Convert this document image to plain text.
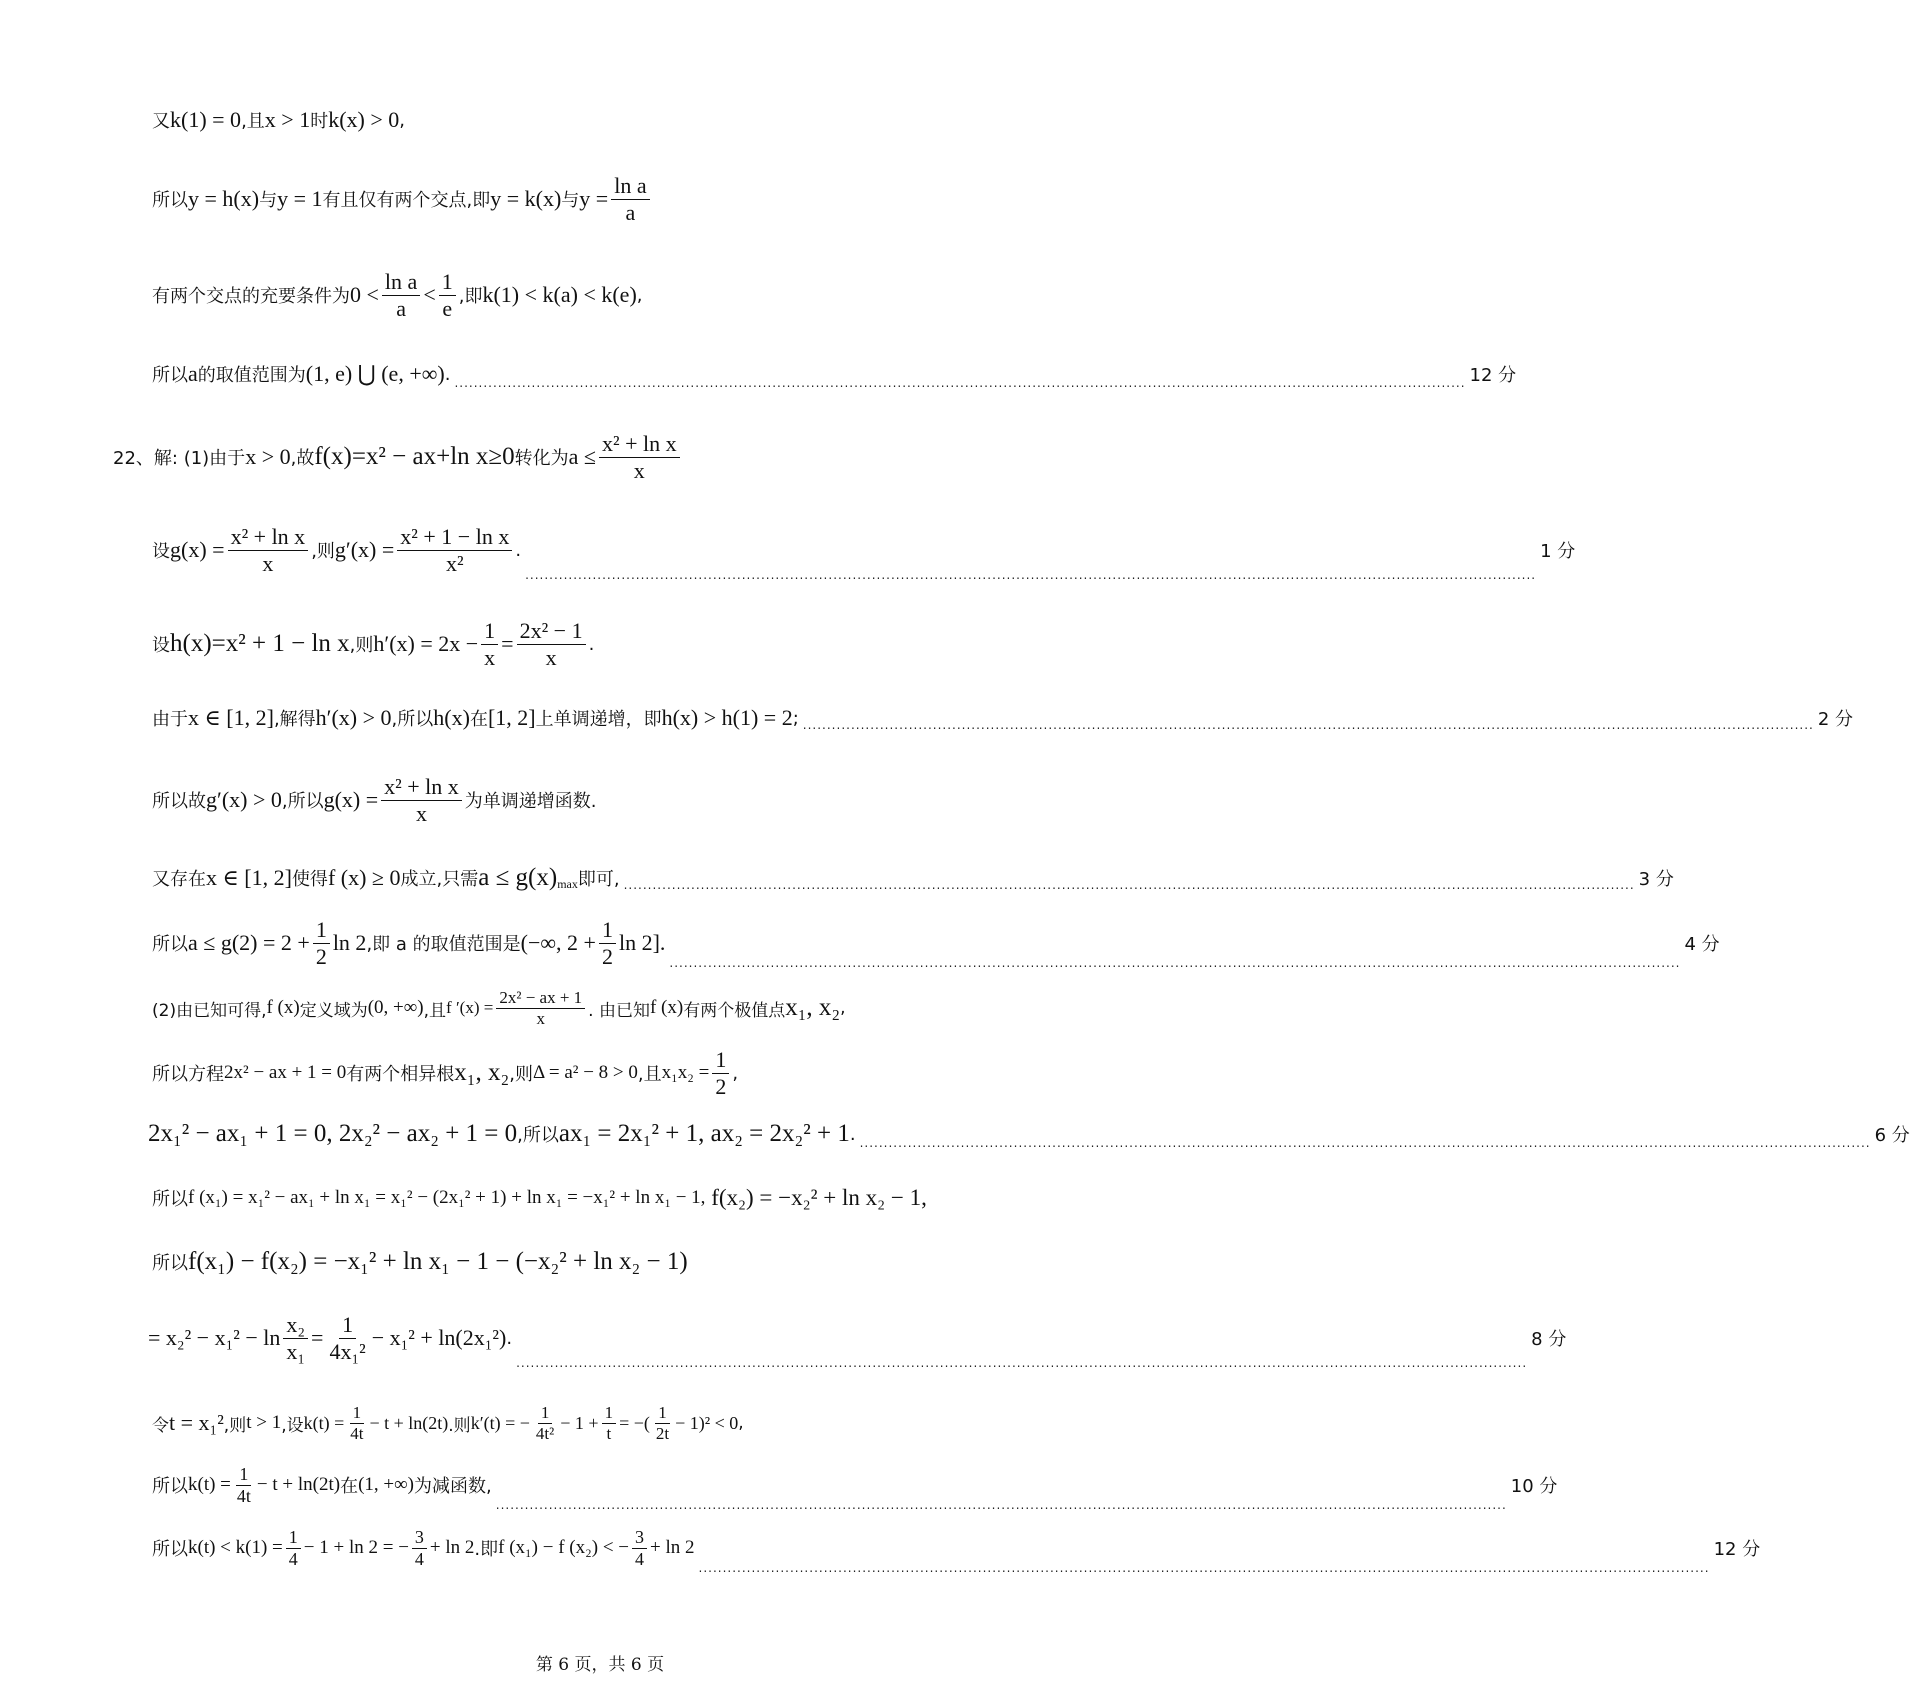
又 k(1) = 0 ,且 x > 1 时 k(x) > 0 ,
所以 y = h(x) 与 y = 1 有且仅有两个交点,即 y = k(x) 与 $y = \frac{\text{ln a}}{a}$
有两个交点的充要条件为 $0 < \frac{\text{ln a}}{a} < \frac{1}{e}$ ,即 k(1) < k(a) < k(e) ,
所以 a 的取值范围为 (1, e) ⋃ (e, +∞) . .................................................................................................................................................................................................................. 12 分
22、解: (1)由于 x > 0 ,故 f(x)=x² − ax+ln x≥0 转化为 $a \le \frac{\text{x² + ln x}}{x}$
设 $g(x) = \frac{\text{x² + ln x}}{x}$ ,则 $g'(x) = \frac{\text{x² + 1 − ln x}}{\text{x²}}$ .
..................................................................................................................................................................................................................
1 分
设 h(x)=x² + 1 − ln x ,则 $h'(x) = 2x - \frac{1}{x} = \frac{\text{2x² − 1}}{x}$ .
由于 x ∈ [1, 2] ,解得 h′(x) > 0 ,所以 h(x) 在 [1, 2] 上单调递增，即 h(x) > h(1) = 2 ; .................................................................................................................................................................................................................. 2 分
所以故 g′(x) > 0 ,所以 $g(x) = \frac{\text{x² + ln x}}{x}$ 为单调递增函数.
又存在 x ∈ [1, 2] 使得 f (x) ≥ 0 成立,只需 a ≤ g(x) max 即可, .................................................................................................................................................................................................................. 3 分
所以 $a \le g(2) = 2 + \frac{1}{2}$ ln 2 ,即 a 的取值范围是 (−∞, $2 + \frac{1}{2}$ ln 2].
..................................................................................................................................................................................................................
4 分
(2)由已知可得, f (x) 定义域为 (0, +∞) ,且 f $'(x) = \frac{\text{2x² − ax + 1}}{x}$ . 由已知 f (x) 有两个极值点 x₁, x₂ ,
所以方程 2x² − ax + 1 = 0 有两个相异根 x₁, x₂ ,则 Δ = a² − 8 > 0 ,且 $x_1x_2 = \frac{1}{2}$ ,
2x₁² − ax₁ + 1 = 0, 2x₂² − ax₂ + 1 = 0 ,所以 ax₁ = 2x₁² + 1, ax₂ = 2x₂² + 1 . .................................................................................................................................................................................................................. 6 分
所以 f (x₁) = x₁² − ax₁ + ln x₁ = x₁² − (2x₁² + 1) + ln x₁ = −x₁² + ln x₁ − 1, f(x₂) = −x₂² + ln x₂ − 1,
所以 f(x₁) − f(x₂) = −x₁² + ln x₁ − 1 − (−x₂² + ln x₂ − 1)
= $x_2^2 - x_1^2 - \ln \frac{\text{x₂}}{\text{x₁}} = \frac{1}{\text{4x₁²}} - x_1^2 + \ln(2x_1^2)$ .
..................................................................................................................................................................................................................
8 分
令 t = x₁² ,则 t > 1 ,设 $k(t) = \frac{1}{4t} - t + \ln(2t)$ .则 k′(t) = − $\frac{1}{\text{4t²}} - 1 + \frac{1}{t}$ = −( $\frac{1}{2t} - 1)^2 < 0$ ,
所以 $k(t) = \frac{1}{4t} - t + \ln(2t)$ 在 (1, +∞) 为减函数,
..................................................................................................................................................................................................................
10 分
所以 $k(t) < k(1) = \frac{1}{4} - 1 + \ln 2$ = − $\frac{3}{4} + \ln 2$ .即 f (x₁) − f (x₂) < − $\frac{3}{4} + \ln 2$
..................................................................................................................................................................................................................
12 分
第 6 页，共 6 页
